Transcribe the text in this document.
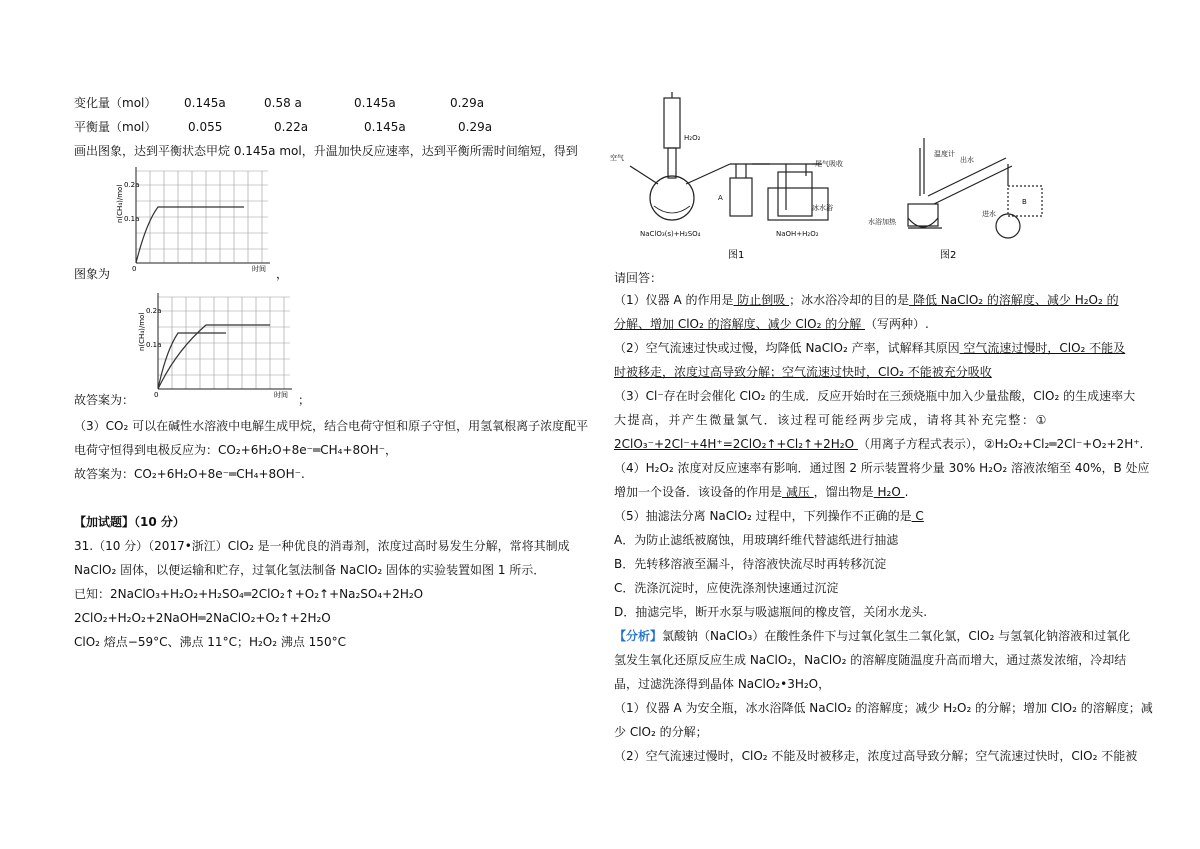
变化量（mol） 0.145a	0.58 a	0.145a	0.29a
平衡量（mol）	0.055	0.22a	0.145a	0.29a
画出图象，达到平衡状态甲烷 0.145a mol，升温加快反应速率，达到平衡所需时间缩短，得到
n(CH₄)/mol 0.2a
0.1a
0	时间
图象为	，
n(CH₄)/mol
0.2a
0.1a
0	时间
故答案为：	；
（3）CO₂ 可以在碱性水溶液中电解生成甲烷，结合电荷守恒和原子守恒，用氢氧根离子浓度配平
电荷守恒得到电极反应为：CO₂+6H₂O+8e⁻═CH₄+8OH⁻，
故答案为：CO₂+6H₂O+8e⁻═CH₄+8OH⁻.
【加试题】（10 分）
31.（10 分）（2017•浙江）ClO₂ 是一种优良的消毒剂，浓度过高时易发生分解，常将其制成
NaClO₂ 固体，以便运输和贮存，过氧化氢法制备 NaClO₂ 固体的实验装置如图 1 所示．
已知：2NaClO₃+H₂O₂+H₂SO₄═2ClO₂↑+O₂↑+Na₂SO₄+2H₂O
2ClO₂+H₂O₂+2NaOH═2NaClO₂+O₂↑+2H₂O
ClO₂ 熔点−59°C、沸点 11°C；H₂O₂ 沸点 150°C
空气
H₂O₂
尾气吸收
A
冰水浴
NaClO₃(s)+H₂SO₄	NaOH+H₂O₂
图1
温度计
出水
进水
水浴加热
B
图2
请回答：
（1）仪器 A 的作用是 防止倒吸 ；冰水浴冷却的目的是 降低 NaClO₂ 的溶解度、减少 H₂O₂ 的
分解、增加 ClO₂ 的溶解度、减少 ClO₂ 的分解 （写两种）.
（2）空气流速过快或过慢，均降低 NaClO₂ 产率，试解释其原因 空气流速过慢时，ClO₂ 不能及
时被移走，浓度过高导致分解；空气流速过快时，ClO₂ 不能被充分吸收
（3）Cl⁻存在时会催化 ClO₂ 的生成．反应开始时在三颈烧瓶中加入少量盐酸，ClO₂ 的生成速率大
大提高，并产生微量氯气．该过程可能经两步完成，请将其补充完整：①
2ClO₃⁻+2Cl⁻+4H⁺=2ClO₂↑+Cl₂↑+2H₂O （用离子方程式表示），②H₂O₂+Cl₂═2Cl⁻+O₂+2H⁺.
（4）H₂O₂ 浓度对反应速率有影响．通过图 2 所示装置将少量 30% H₂O₂ 溶液浓缩至 40%，B 处应
增加一个设备．该设备的作用是 减压 ，馏出物是 H₂O .
（5）抽滤法分离 NaClO₂ 过程中，下列操作不正确的是 C
A．为防止滤纸被腐蚀，用玻璃纤维代替滤纸进行抽滤
B．先转移溶液至漏斗，待溶液快流尽时再转移沉淀
C．洗涤沉淀时，应使洗涤剂快速通过沉淀
D．抽滤完毕，断开水泵与吸滤瓶间的橡皮管，关闭水龙头.
【分析】氯酸钠（NaClO₃）在酸性条件下与过氧化氢生二氧化氯，ClO₂ 与氢氧化钠溶液和过氧化
氢发生氧化还原反应生成 NaClO₂，NaClO₂ 的溶解度随温度升高而增大，通过蒸发浓缩，冷却结
晶，过滤洗涤得到晶体 NaClO₂•3H₂O，
（1）仪器 A 为安全瓶，冰水浴降低 NaClO₂ 的溶解度；减少 H₂O₂ 的分解；增加 ClO₂ 的溶解度；减
少 ClO₂ 的分解；
（2）空气流速过慢时，ClO₂ 不能及时被移走，浓度过高导致分解；空气流速过快时，ClO₂ 不能被
